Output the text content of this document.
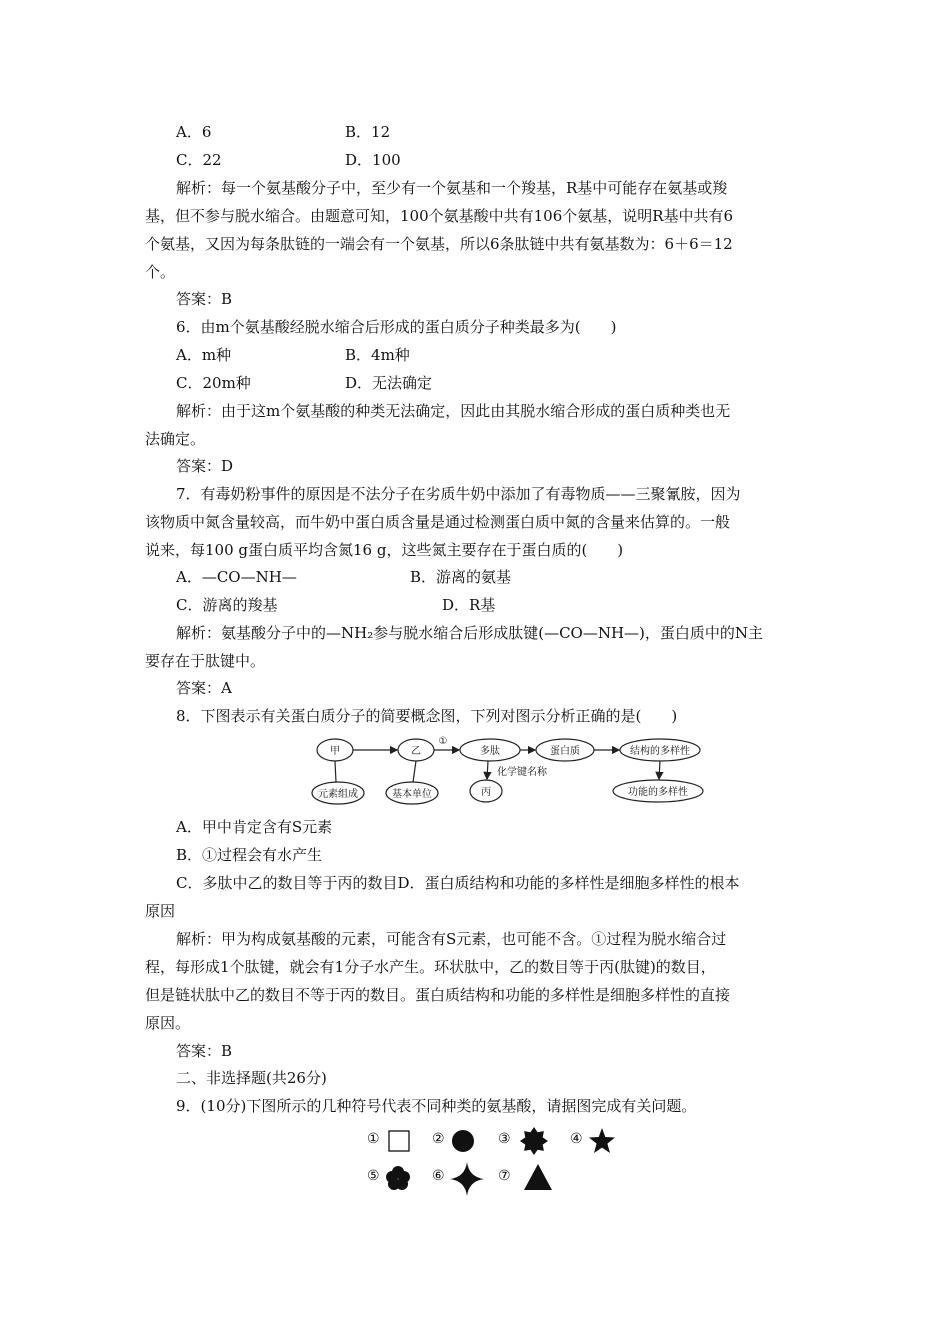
A．6	B．12
C．22	D．100
解析：每一个氨基酸分子中，至少有一个氨基和一个羧基，R基中可能存在氨基或羧
基，但不参与脱水缩合。由题意可知，100个氨基酸中共有106个氨基，说明R基中共有6
个氨基，又因为每条肽链的一端会有一个氨基，所以6条肽链中共有氨基数为：6＋6＝12
个。
答案：B
6．由m个氨基酸经脱水缩合后形成的蛋白质分子种类最多为(　　)
A．m种	B．4m种
C．20m种	D．无法确定
解析：由于这m个氨基酸的种类无法确定，因此由其脱水缩合形成的蛋白质种类也无
法确定。
答案：D
7．有毒奶粉事件的原因是不法分子在劣质牛奶中添加了有毒物质——三聚氰胺，因为
该物质中氮含量较高，而牛奶中蛋白质含量是通过检测蛋白质中氮的含量来估算的。一般
说来，每100 g蛋白质平均含氮16 g，这些氮主要存在于蛋白质的(　　)
A．—CO—NH—	B．游离的氨基
C．游离的羧基	D．R基
解析：氨基酸分子中的—NH₂参与脱水缩合后形成肽键(—CO—NH—)，蛋白质中的N主
要存在于肽键中。
答案：A
8．下图表示有关蛋白质分子的简要概念图，下列对图示分析正确的是(　　)
甲	乙
①
多肽	蛋白质	结构的多样性
元素组成	基本单位
化学键名称
丙	功能的多样性
A．甲中肯定含有S元素
B．①过程会有水产生
C．多肽中乙的数目等于丙的数目D．蛋白质结构和功能的多样性是细胞多样性的根本
原因
解析：甲为构成氨基酸的元素，可能含有S元素，也可能不含。①过程为脱水缩合过
程，每形成1个肽键，就会有1分子水产生。环状肽中，乙的数目等于丙(肽键)的数目，
但是链状肽中乙的数目不等于丙的数目。蛋白质结构和功能的多样性是细胞多样性的直接
原因。
答案：B
二、非选择题(共26分)
9．(10分)下图所示的几种符号代表不同种类的氨基酸，请据图完成有关问题。
①	②	③	④
⑤	⑥	⑦
